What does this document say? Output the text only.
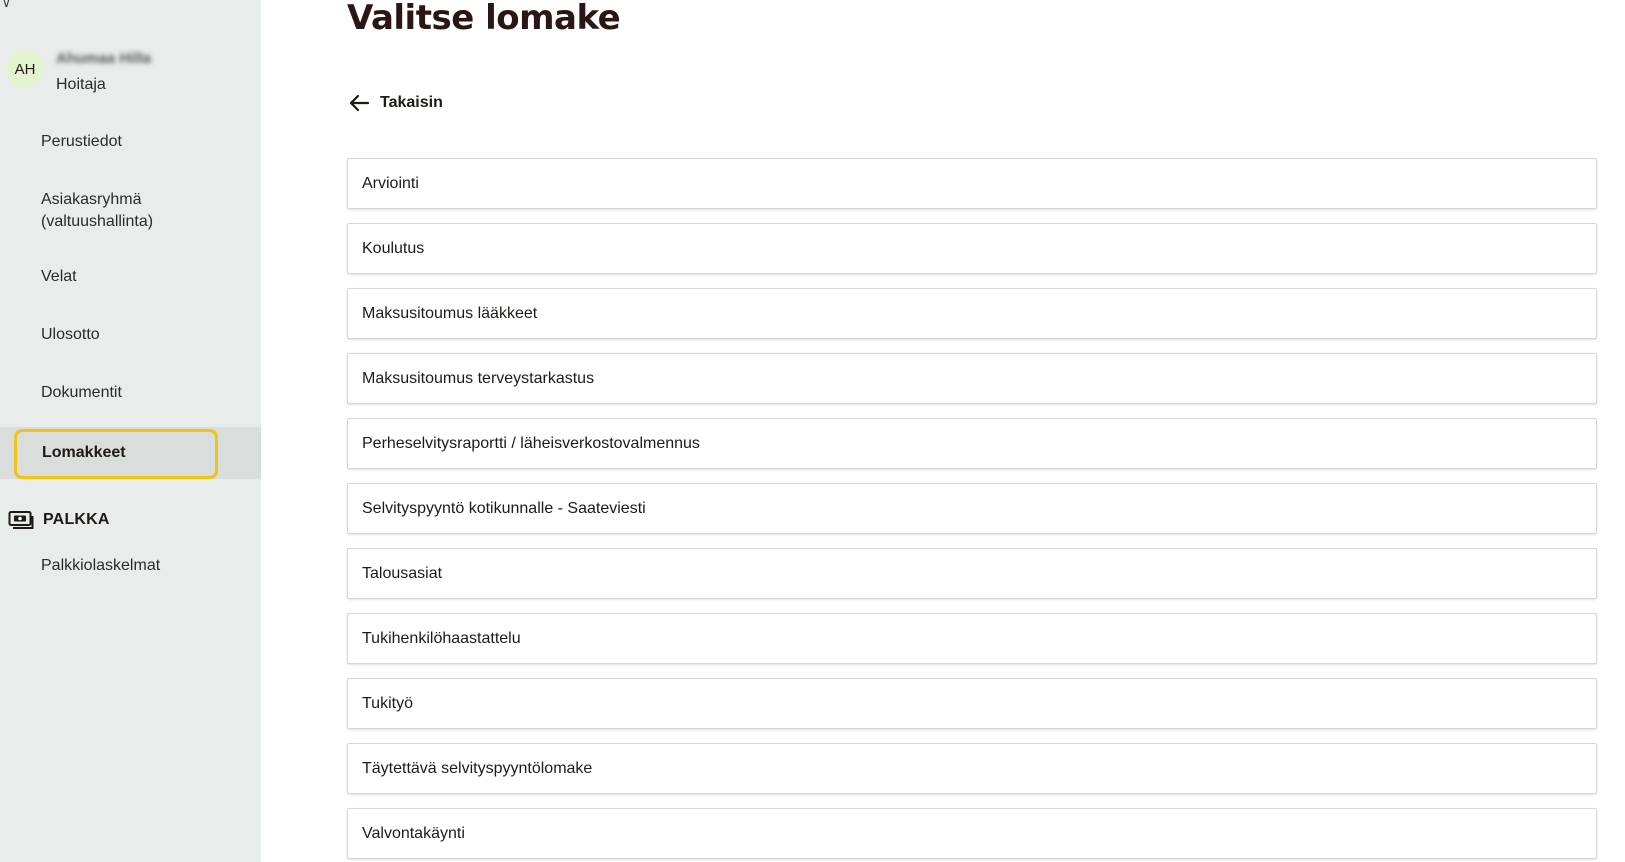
∨
AH
Ahumaa Hilla
Hoitaja
Perustiedot
Asiakasryhmä
(valtuushallinta)
Velat
Ulosotto
Dokumentit
Lomakkeet
PALKKA
Palkkiolaskelmat
Valitse lomake
Takaisin
Arviointi
Koulutus
Maksusitoumus lääkkeet
Maksusitoumus terveystarkastus
Perheselvitysraportti / läheisverkostovalmennus
Selvityspyyntö kotikunnalle - Saateviesti
Talousasiat
Tukihenkilöhaastattelu
Tukityö
Täytettävä selvityspyyntölomake
Valvontakäynti
